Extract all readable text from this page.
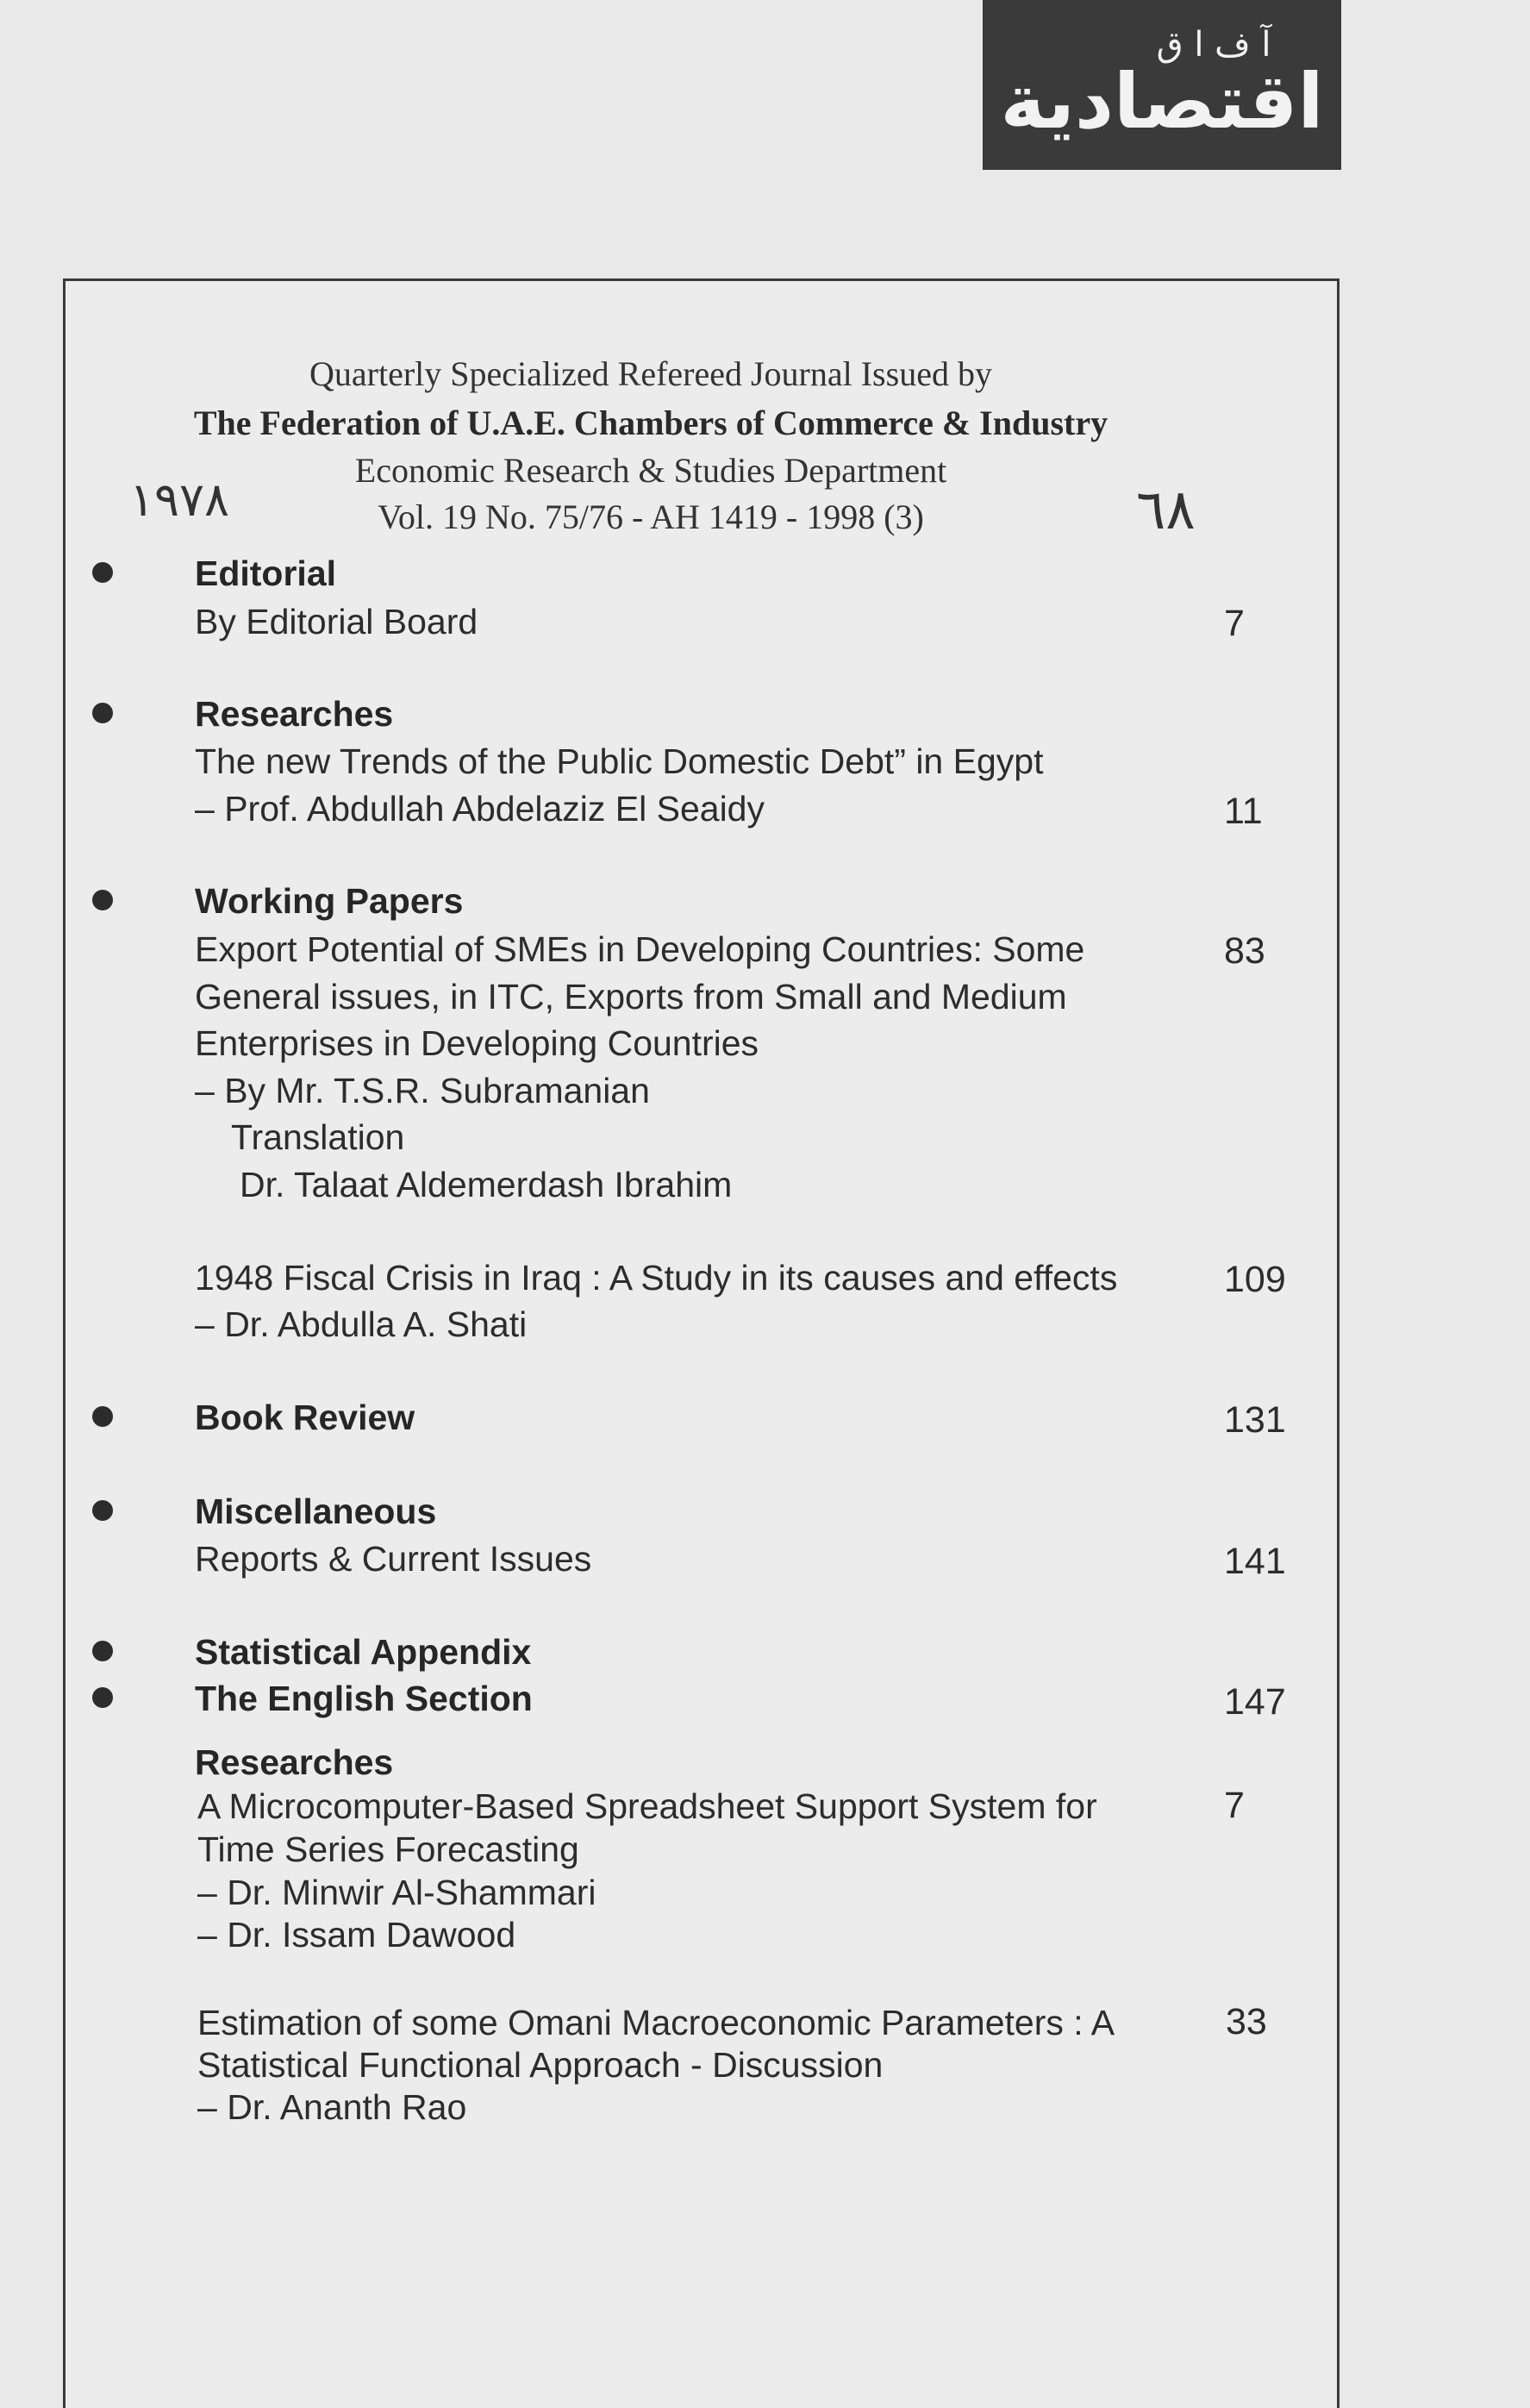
آ ف ا ق
اقتصادية
Quarterly Specialized Refereed Journal Issued by
The Federation of U.A.E. Chambers of Commerce & Industry
Economic Research & Studies Department
Vol. 19 No. 75/76 - AH 1419 - 1998 (3)
١٩٧٨	٦٨
Editorial
By Editorial Board	7
Researches
The new Trends of the Public Domestic Debt” in Egypt
– Prof. Abdullah Abdelaziz El Seaidy	11
Working Papers
Export Potential of SMEs in Developing Countries: Some	83
General issues, in ITC, Exports from Small and Medium
Enterprises in Developing Countries
– By Mr. T.S.R. Subramanian
Translation
Dr. Talaat Aldemerdash Ibrahim
1948 Fiscal Crisis in Iraq : A Study in its causes and effects	109
– Dr. Abdulla A. Shati
Book Review	131
Miscellaneous
Reports & Current Issues	141
Statistical Appendix
The English Section	147
Researches
A Microcomputer-Based Spreadsheet Support System for	7
Time Series Forecasting
– Dr. Minwir Al-Shammari
– Dr. Issam Dawood
Estimation of some Omani Macroeconomic Parameters : A	33
Statistical Functional Approach - Discussion
– Dr. Ananth Rao
